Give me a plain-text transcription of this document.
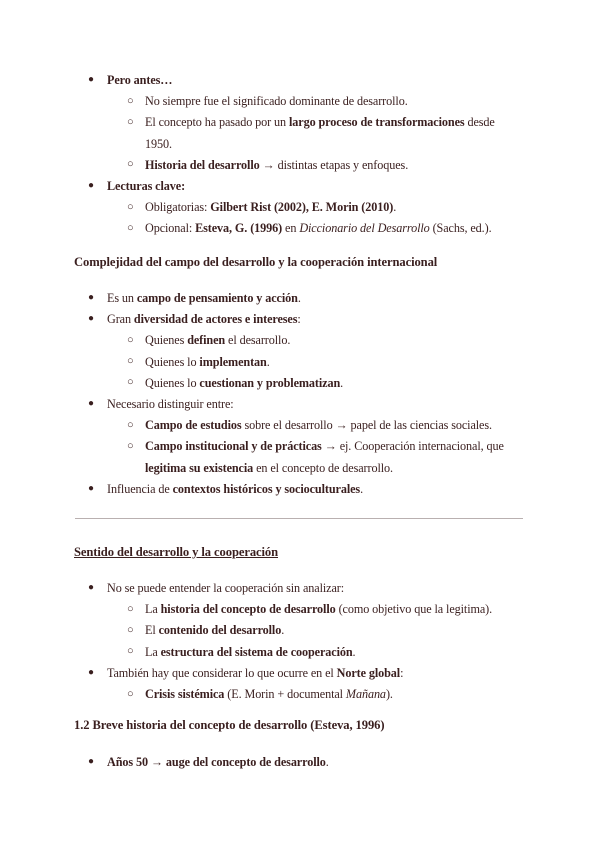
Complejidad del campo del desarrollo y la cooperación internacional
Sentido del desarrollo y la cooperación
1.2 Breve historia del concepto de desarrollo (Esteva, 1996)
● Pero antes…
○ No siempre fue el significado dominante de desarrollo.
○ El concepto ha pasado por un largo proceso de transformaciones desde
1950.
○ Historia del desarrollo → distintas etapas y enfoques.
● Lecturas clave:
○ Obligatorias: Gilbert Rist (2002), E. Morin (2010).
○ Opcional: Esteva, G. (1996) en Diccionario del Desarrollo (Sachs, ed.).
● Es un campo de pensamiento y acción.
● Gran diversidad de actores e intereses:
○ Quienes definen el desarrollo.
○ Quienes lo implementan.
○ Quienes lo cuestionan y problematizan.
● Necesario distinguir entre:
○ Campo de estudios sobre el desarrollo → papel de las ciencias sociales.
○ Campo institucional y de prácticas → ej. Cooperación internacional, que
legitima su existencia en el concepto de desarrollo.
● Influencia de contextos históricos y socioculturales.
● No se puede entender la cooperación sin analizar:
○ La historia del concepto de desarrollo (como objetivo que la legitima).
○ El contenido del desarrollo.
○ La estructura del sistema de cooperación.
● También hay que considerar lo que ocurre en el Norte global:
○ Crisis sistémica (E. Morin + documental Mañana).
● Años 50 → auge del concepto de desarrollo.
